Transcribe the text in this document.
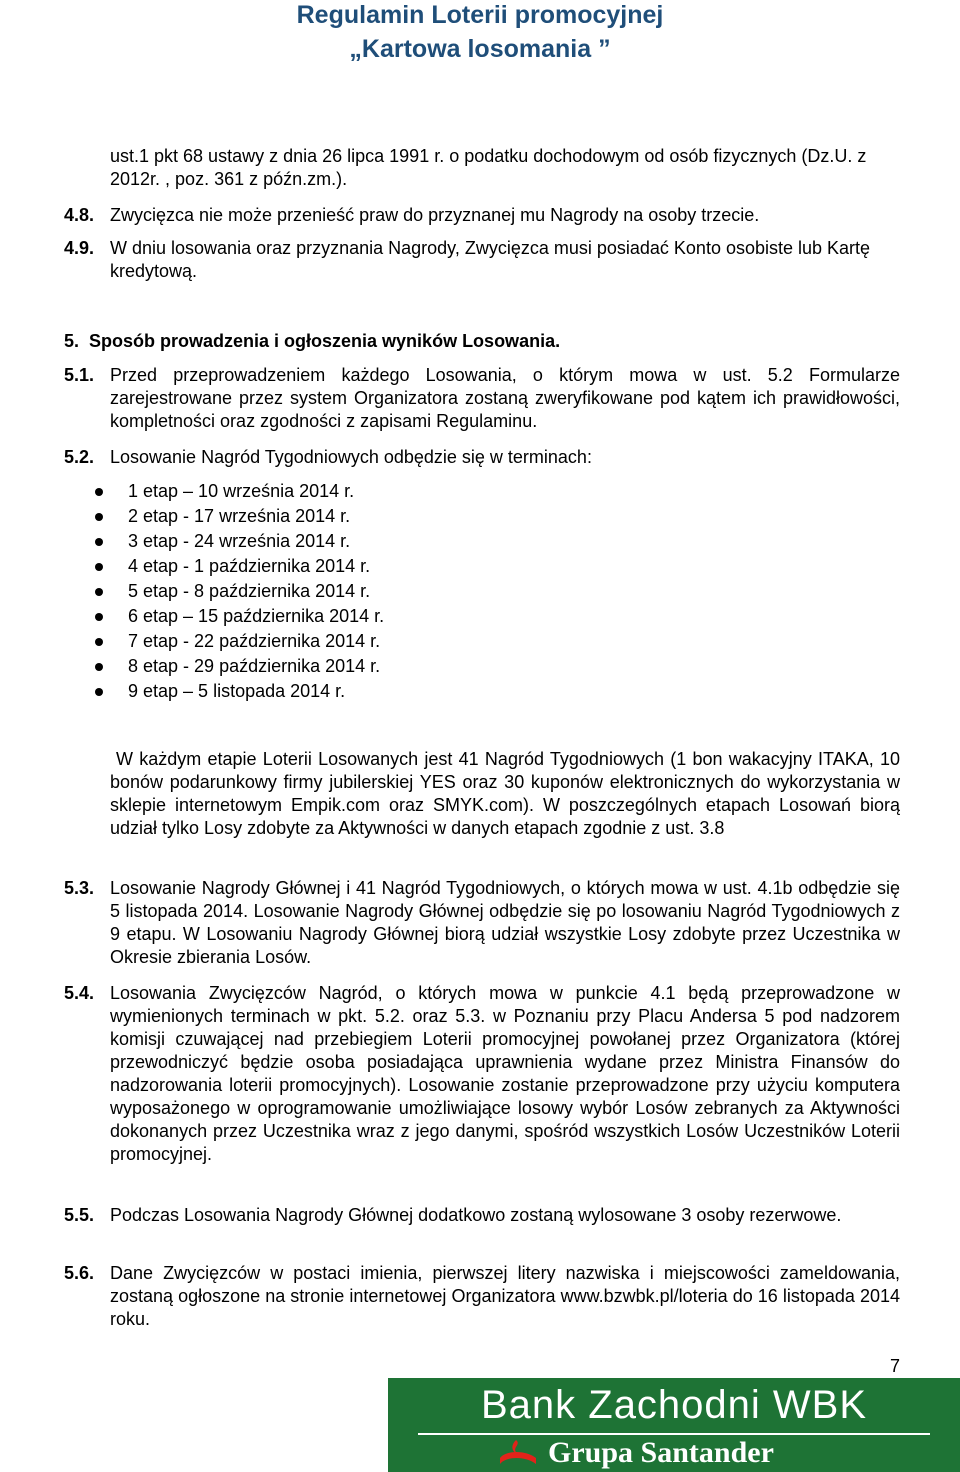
Regulamin Loterii promocyjnej
„Kartowa losomania ”
ust.1 pkt 68 ustawy z dnia 26 lipca 1991 r. o podatku dochodowym od osób fizycznych (Dz.U. z 2012r. , poz. 361 z późn.zm.).
4.8. Zwycięzca nie może przenieść praw do przyznanej mu Nagrody na osoby trzecie.
4.9. W dniu losowania oraz przyznania Nagrody, Zwycięzca musi posiadać Konto osobiste lub Kartę kredytową.
5.  Sposób prowadzenia i ogłoszenia wyników Losowania.
5.1. Przed przeprowadzeniem każdego Losowania, o którym mowa w ust. 5.2 Formularze zarejestrowane przez system Organizatora zostaną zweryfikowane pod kątem ich prawidłowości, kompletności oraz zgodności z zapisami Regulaminu.
5.2. Losowanie Nagród Tygodniowych odbędzie się w terminach:
1 etap – 10 września 2014 r.
2 etap - 17 września 2014 r.
3 etap - 24 września 2014 r.
4 etap - 1 października 2014 r.
5 etap - 8 października 2014 r.
6 etap – 15 października 2014 r.
7 etap - 22 października 2014 r.
8 etap - 29 października 2014 r.
9 etap – 5 listopada 2014 r.
W każdym etapie Loterii Losowanych jest 41 Nagród Tygodniowych (1 bon wakacyjny ITAKA, 10 bonów podarunkowy firmy jubilerskiej YES oraz 30 kuponów elektronicznych do wykorzystania w sklepie internetowym Empik.com oraz SMYK.com). W poszczególnych etapach Losowań biorą udział tylko Losy zdobyte za Aktywności w danych etapach zgodnie z ust. 3.8
5.3. Losowanie Nagrody Głównej i 41 Nagród Tygodniowych, o których mowa w ust. 4.1b odbędzie się 5 listopada 2014. Losowanie Nagrody Głównej odbędzie się po losowaniu Nagród Tygodniowych z 9 etapu. W Losowaniu Nagrody Głównej biorą udział wszystkie Losy zdobyte przez Uczestnika w Okresie zbierania Losów.
5.4. Losowania Zwycięzców Nagród, o których mowa w punkcie 4.1 będą przeprowadzone w wymienionych terminach w pkt. 5.2. oraz 5.3. w Poznaniu przy Placu Andersa 5 pod nadzorem komisji czuwającej nad przebiegiem Loterii promocyjnej powołanej przez Organizatora (której przewodniczyć będzie osoba posiadająca uprawnienia wydane przez Ministra Finansów do nadzorowania loterii promocyjnych). Losowanie zostanie przeprowadzone przy użyciu komputera wyposażonego w oprogramowanie umożliwiające losowy wybór Losów zebranych za Aktywności dokonanych przez Uczestnika wraz z jego danymi, spośród wszystkich Losów Uczestników Loterii promocyjnej.
5.5. Podczas Losowania Nagrody Głównej dodatkowo zostaną wylosowane 3 osoby rezerwowe.
5.6. Dane Zwycięzców w postaci imienia, pierwszej litery nazwiska i miejscowości zameldowania, zostaną ogłoszone na stronie internetowej Organizatora www.bzwbk.pl/loteria do 16 listopada 2014 roku.
7
Bank Zachodni WBK
Grupa Santander
